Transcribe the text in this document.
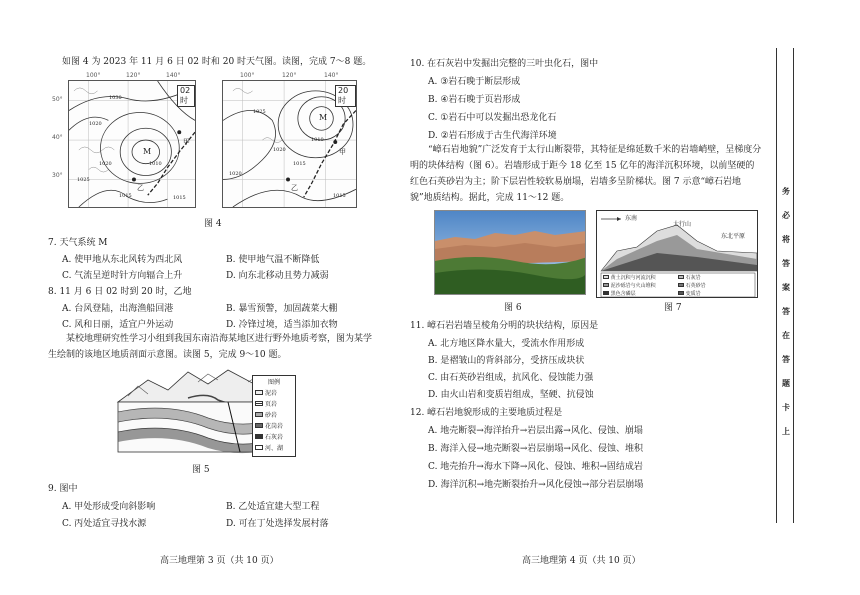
如图 4 为 2023 年 11 月 6 日 02 时和 20 时天气图。读图，完成 7～8 题。
02时
M
甲
乙
1030
1020
1010
1015
1025
1020
1015
50°
40°
30°
100°	120°	140°
20时
M
甲
乙
1025
1020
1010
1015
1020
1015
100°	120°	140°
图 4
7. 天气系统 M
A. 使甲地从东北风转为西北风	B. 使甲地气温不断降低
C. 气流呈逆时针方向辐合上升	D. 向东北移动且势力减弱
8. 11 月 6 日 02 时到 20 时，乙地
A. 台风登陆，出海渔船回港	B. 暴雪预警，加固蔬菜大棚
C. 风和日丽，适宜户外运动	D. 冷锋过境，适当添加衣物
某校地理研究性学习小组到我国东南沿海某地区进行野外地质考察，图为某学生绘制的该地区地质剖面示意图。读图 5，完成 9～10 题。
图例
泥岩
页岩
砂岩
花岗岩
石灰岩
河、湖
图 5
9. 图中
A. 甲处形成受向斜影响	B. 乙处适宜建大型工程
C. 丙处适宜寻找水源	D. 可在丁处选择发展村落
高三地理第 3 页（共 10 页）
10. 在石灰岩中发掘出完整的三叶虫化石，图中
A. ③岩石晚于断层形成
B. ④岩石晚于页岩形成
C. ①岩石中可以发掘出恐龙化石
D. ②岩石形成于古生代海洋环境
“嶂石岩地貌”广泛发育于太行山断裂带，其特征是绵延数千米的岩墙峭壁，呈梯度分明的块体结构（图 6）。岩墙形成于距今 18 亿至 15 亿年的海洋沉积环境，以前坚硬的红色石英砂岩为主；阶下层岩性较软易崩塌，岩墙多呈阶梯状。图 7 示意“嶂石岩地貌”地质结构。据此，完成 11～12 题。
东南
太行山
东北平原
黄土沉积与河流沉积	石灰岩
泥沙砾岩与火山堆积	石英砂岩
黑色含磷层	变质岩
图 6	图 7
11. 嶂石岩岩墙呈棱角分明的块状结构，原因是
A. 北方地区降水量大，受流水作用形成
B. 是褶皱山的背斜部分，受挤压成块状
C. 由石英砂岩组成，抗风化、侵蚀能力强
D. 由火山岩和变质岩组成，坚硬、抗侵蚀
12. 嶂石岩地貌形成的主要地质过程是
A. 地壳断裂→海洋抬升→岩层出露→风化、侵蚀、崩塌
B. 海洋入侵→地壳断裂→岩层崩塌→风化、侵蚀、堆积
C. 地壳抬升→海水下降→风化、侵蚀、堆积→固结成岩
D. 海洋沉积→地壳断裂抬升→风化侵蚀→部分岩层崩塌
高三地理第 4 页（共 10 页）
务
必
将
答
案
答
在
答
题
卡
上
